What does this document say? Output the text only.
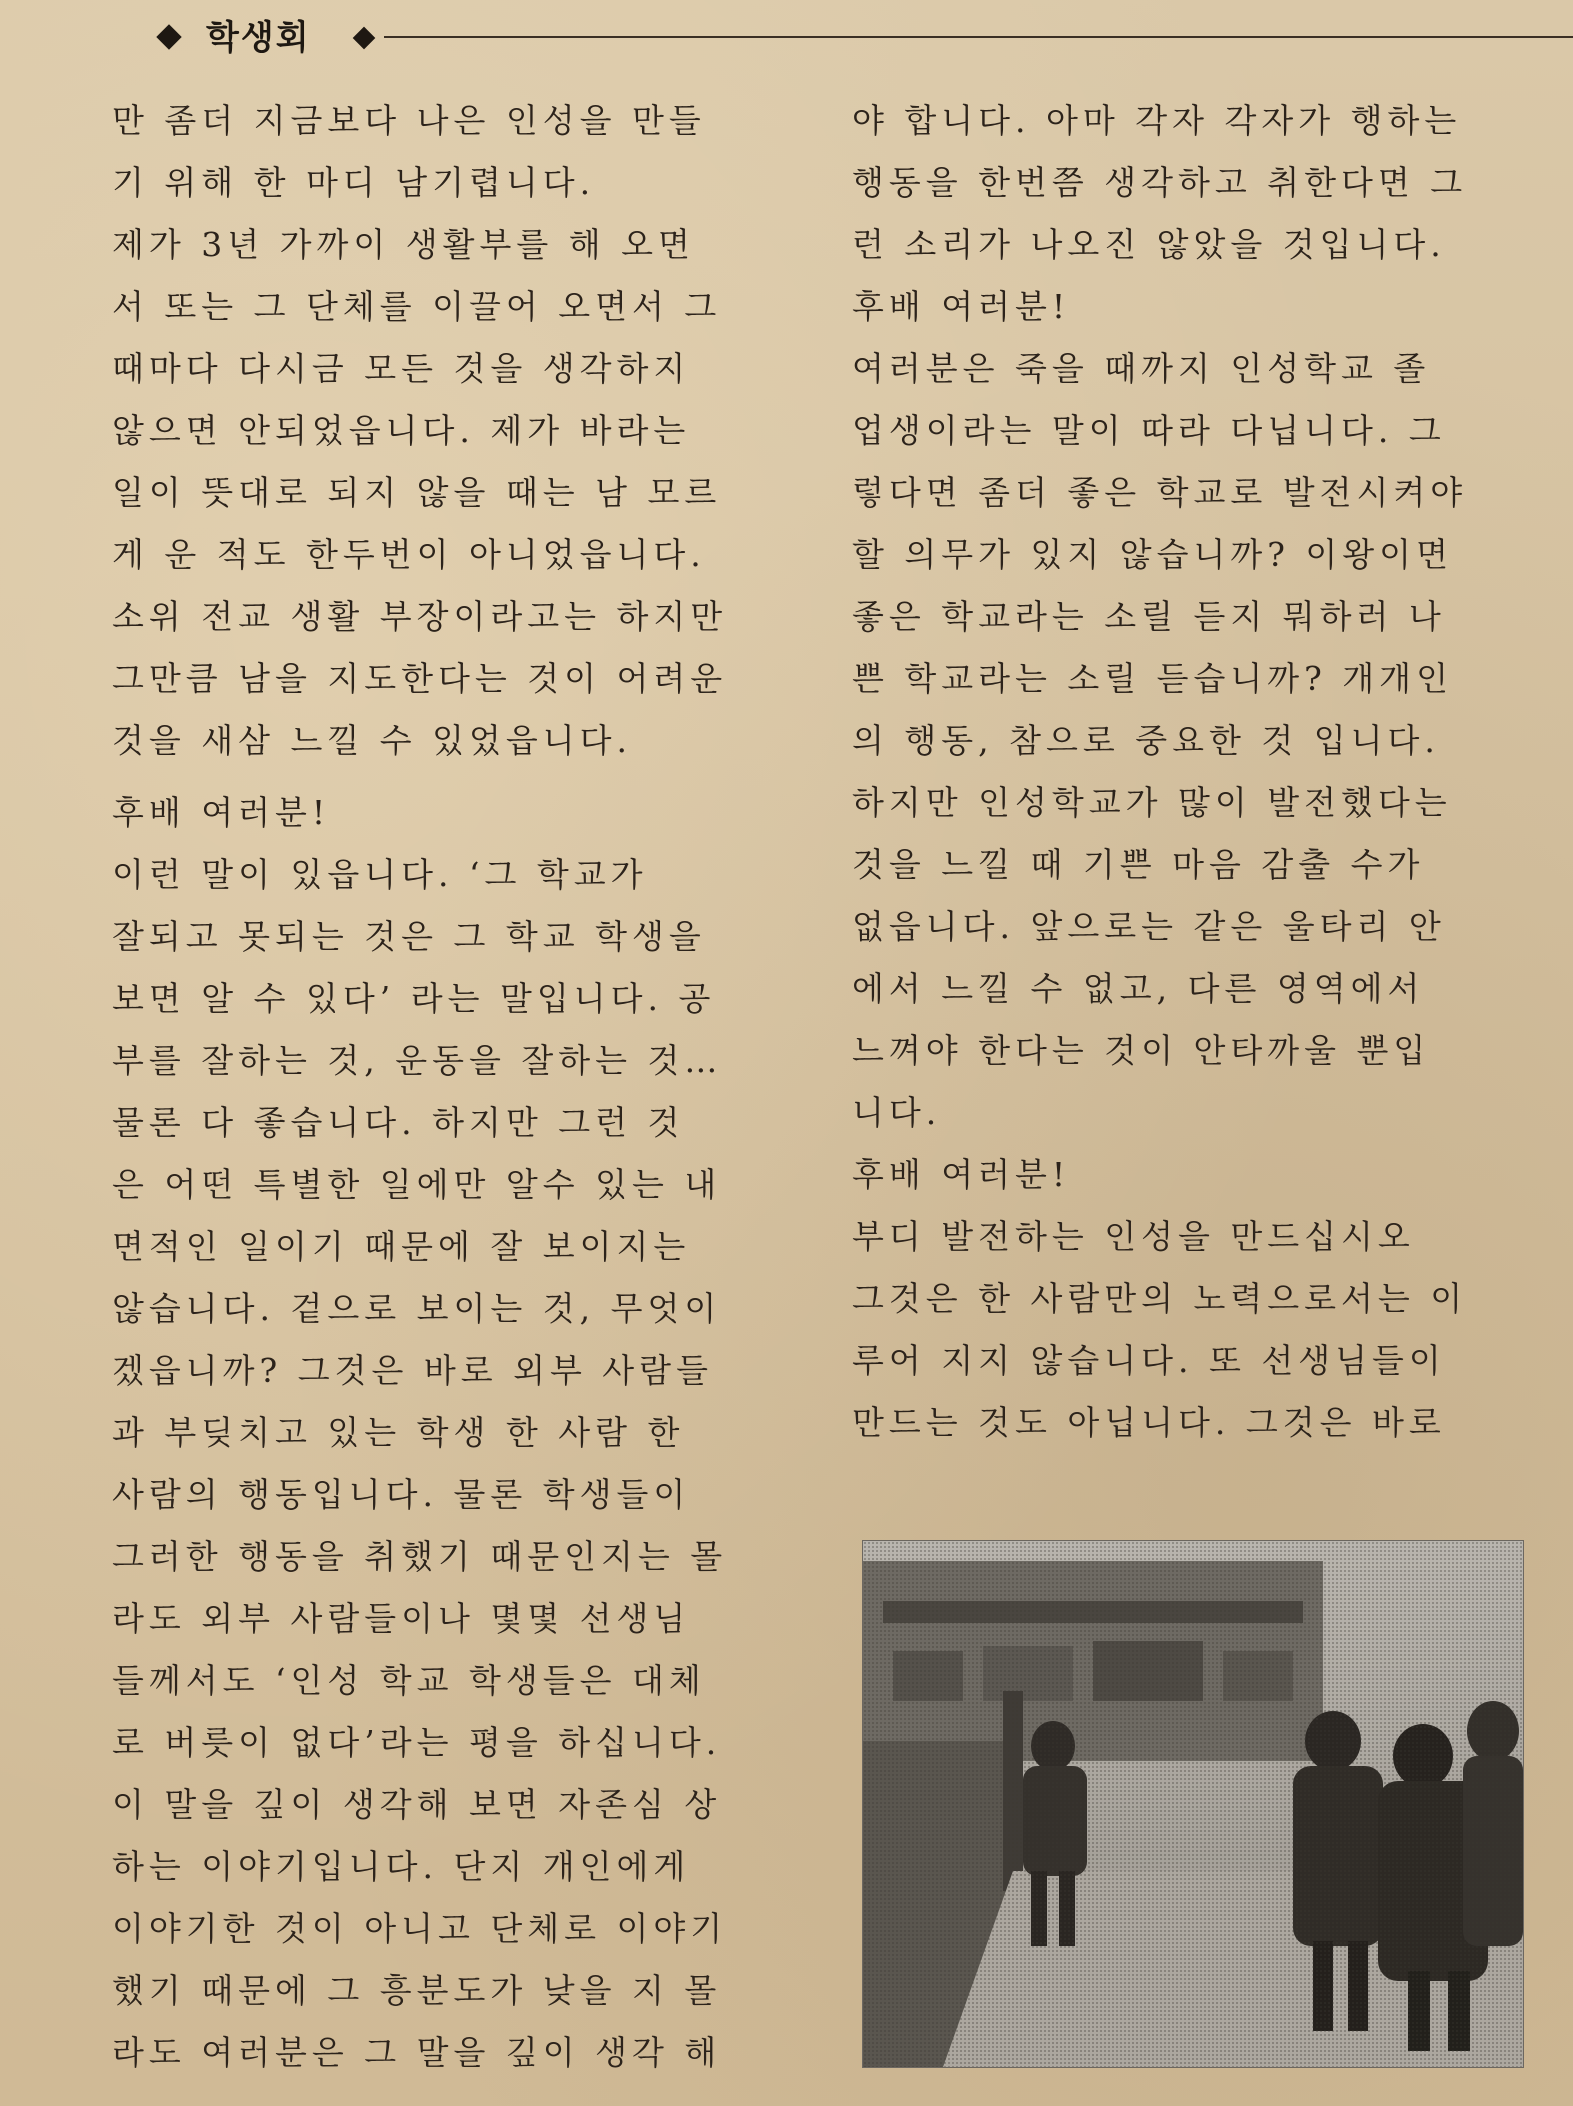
학생회
만 좀더 지금보다 나은 인성을 만들
기 위해 한 마디 남기렵니다.
제가 3년 가까이 생활부를 해 오면
서 또는 그 단체를 이끌어 오면서 그
때마다 다시금 모든 것을 생각하지
않으면 안되었읍니다. 제가 바라는
일이 뜻대로 되지 않을 때는 남 모르
게 운 적도 한두번이 아니었읍니다.
소위 전교 생활 부장이라고는 하지만
그만큼 남을 지도한다는 것이 어려운
것을 새삼 느낄 수 있었읍니다.
후배 여러분!
이런 말이 있읍니다. ‘그 학교가
잘되고 못되는 것은 그 학교 학생을
보면 알 수 있다’ 라는 말입니다. 공
부를 잘하는 것, 운동을 잘하는 것…
물론 다 좋습니다. 하지만 그런 것
은 어떤 특별한 일에만 알수 있는 내
면적인 일이기 때문에 잘 보이지는
않습니다. 겉으로 보이는 것, 무엇이
겠읍니까? 그것은 바로 외부 사람들
과 부딪치고 있는 학생 한 사람 한
사람의 행동입니다. 물론 학생들이
그러한 행동을 취했기 때문인지는 몰
라도 외부 사람들이나 몇몇 선생님
들께서도 ‘인성 학교 학생들은 대체
로 버릇이 없다’라는 평을 하십니다.
이 말을 깊이 생각해 보면 자존심 상
하는 이야기입니다. 단지 개인에게
이야기한 것이 아니고 단체로 이야기
했기 때문에 그 흥분도가 낮을 지 몰
라도 여러분은 그 말을 깊이 생각 해
야 합니다. 아마 각자 각자가 행하는
행동을 한번쯤 생각하고 취한다면 그
런 소리가 나오진 않았을 것입니다.
후배 여러분!
여러분은 죽을 때까지 인성학교 졸
업생이라는 말이 따라 다닙니다. 그
렇다면 좀더 좋은 학교로 발전시켜야
할 의무가 있지 않습니까? 이왕이면
좋은 학교라는 소릴 듣지 뭐하러 나
쁜 학교라는 소릴 듣습니까? 개개인
의 행동, 참으로 중요한 것 입니다.
하지만 인성학교가 많이 발전했다는
것을 느낄 때 기쁜 마음 감출 수가
없읍니다. 앞으로는 같은 울타리 안
에서 느낄 수 없고, 다른 영역에서
느껴야 한다는 것이 안타까울 뿐입
니다.
후배 여러분!
부디 발전하는 인성을 만드십시오
그것은 한 사람만의 노력으로서는 이
루어 지지 않습니다. 또 선생님들이
만드는 것도 아닙니다. 그것은 바로
